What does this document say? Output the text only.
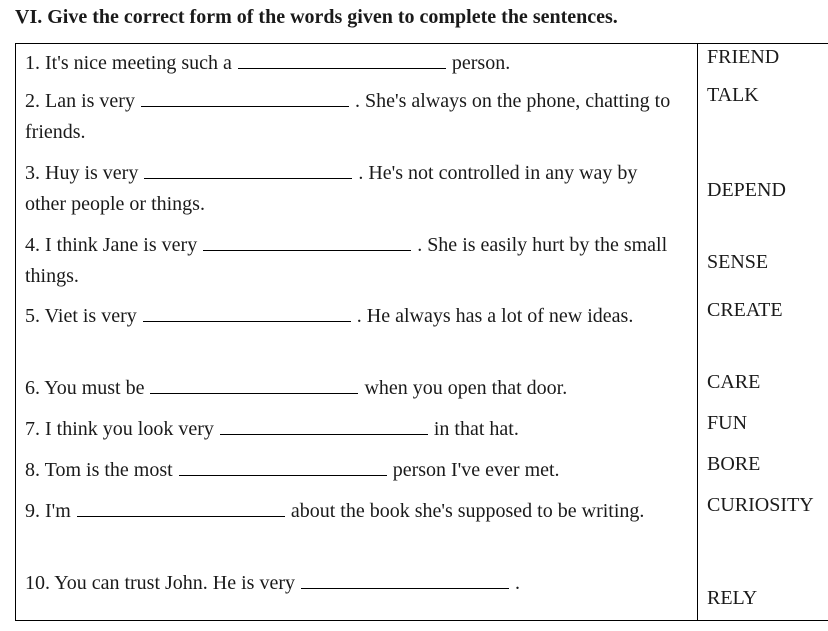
VI. Give the correct form of the words given to complete the sentences.
1. It's nice meeting such a person.	FRIEND
2. Lan is very . She's always on the phone, chatting to friends.	TALK
3. Huy is very . He's not controlled in any way by other people or things.	DEPEND
4. I think Jane is very . She is easily hurt by the small things.	SENSE
5. Viet is very . He always has a lot of new ideas.	CREATE
6. You must be when you open that door.	CARE
7. I think you look very in that hat.	FUN
8. Tom is the most person I've ever met.	BORE
9. I'm about the book she's supposed to be writing.	CURIOSITY
10. You can trust John. He is very .	RELY
